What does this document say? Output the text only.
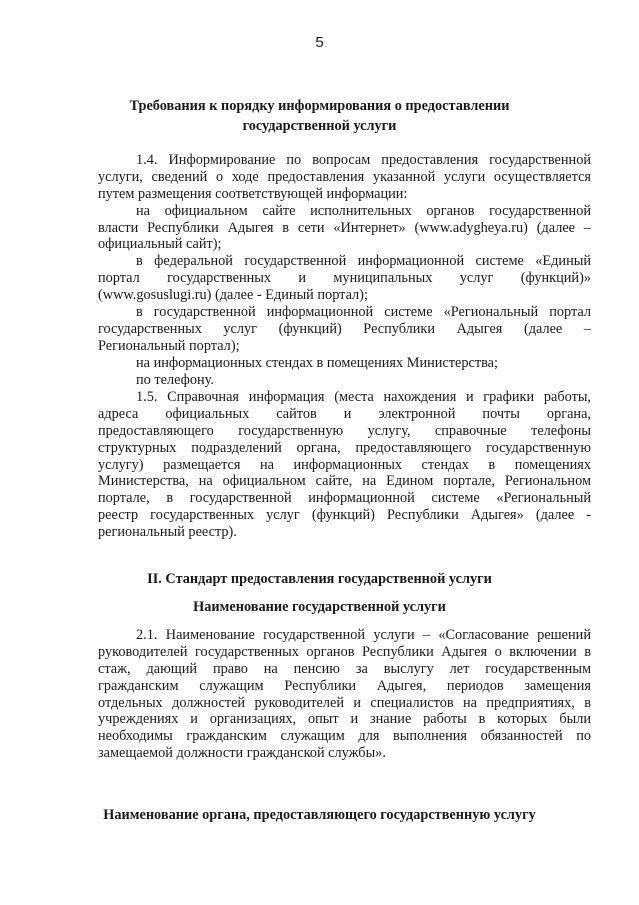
5
Требования к порядку информирования о предоставлении
государственной услуги
1.4. Информирование по вопросам предоставления государственной
услуги, сведений о ходе предоставления указанной услуги осуществляется
путем размещения соответствующей информации:
на официальном сайте исполнительных органов государственной
власти Республики Адыгея в сети «Интернет» (www.adygheya.ru) (далее –
официальный сайт);
в федеральной государственной информационной системе «Единый
портал государственных и муниципальных услуг (функций)»
(www.gosuslugi.ru) (далее - Единый портал);
в государственной информационной системе «Региональный портал
государственных услуг (функций) Республики Адыгея (далее –
Региональный портал);
на информационных стендах в помещениях Министерства;
по телефону.
1.5. Справочная информация (места нахождения и графики работы,
адреса официальных сайтов и электронной почты органа,
предоставляющего государственную услугу, справочные телефоны
структурных подразделений органа, предоставляющего государственную
услугу) размещается на информационных стендах в помещениях
Министерства, на официальном сайте, на Едином портале, Региональном
портале, в государственной информационной системе «Региональный
реестр государственных услуг (функций) Республики Адыгея» (далее -
региональный реестр).
II. Стандарт предоставления государственной услуги
Наименование государственной услуги
2.1. Наименование государственной услуги – «Согласование решений
руководителей государственных органов Республики Адыгея о включении в
стаж, дающий право на пенсию за выслугу лет государственным
гражданским служащим Республики Адыгея, периодов замещения
отдельных должностей руководителей и специалистов на предприятиях, в
учреждениях и организациях, опыт и знание работы в которых были
необходимы гражданским служащим для выполнения обязанностей по
замещаемой должности гражданской службы».
Наименование органа, предоставляющего государственную услугу
